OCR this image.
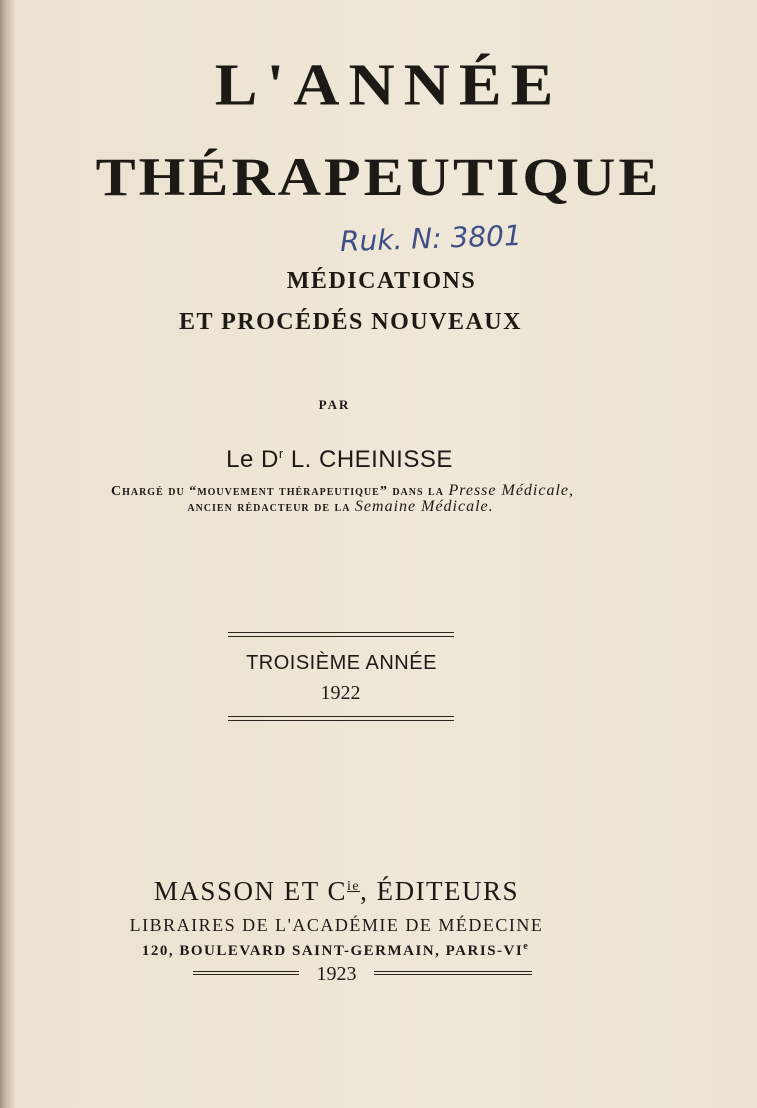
L'ANNÉE
THÉRAPEUTIQUE
Ruk. N: 3801
MÉDICATIONS
ET PROCÉDÉS NOUVEAUX
PAR
Le $D^r$ L. CHEINISSE
Chargé du “mouvement thérapeutique” dans la Presse Médicale,
ancien rédacteur de la Semaine Médicale.
TROISIÈME ANNÉE
1922
MASSON ET $C^{ie}$, ÉDITEURS
LIBRAIRES DE L'ACADÉMIE DE MÉDECINE
120, BOULEVARD SAINT-GERMAIN, PARIS-VIe
1923
